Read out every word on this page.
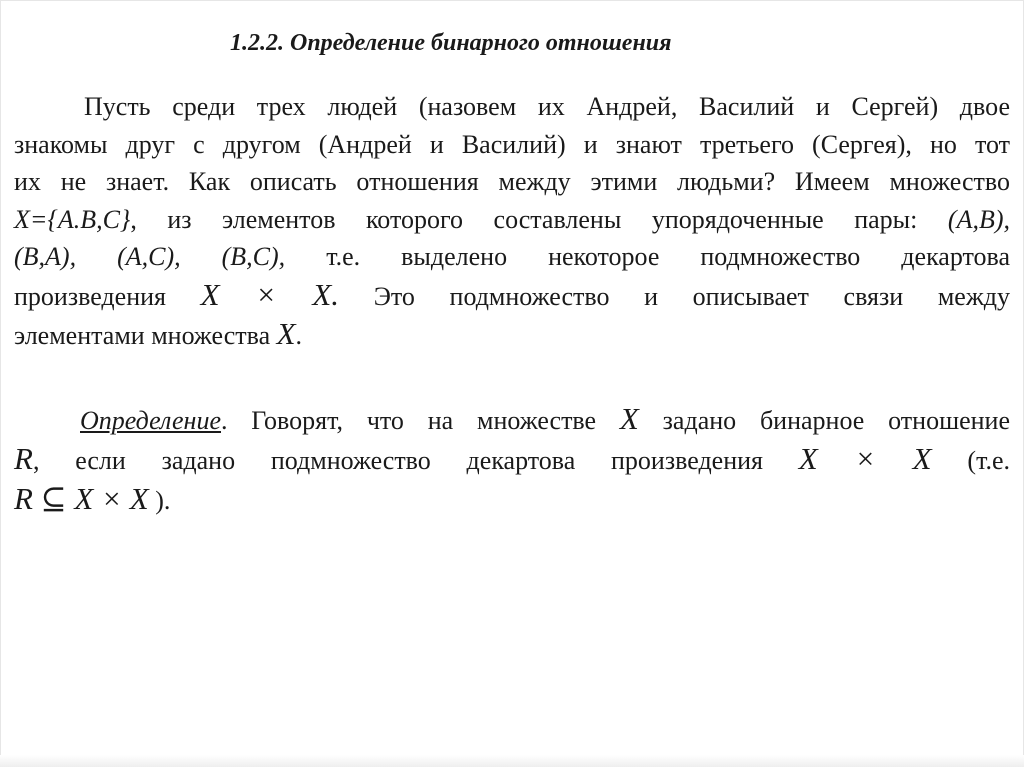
1.2.2. Определение бинарного отношения
Пусть среди трех людей (назовем их Андрей, Василий и Сергей) двое
знакомы друг с другом (Андрей и Василий) и знают третьего (Сергея), но тот
их не знает. Как описать отношения между этими людьми? Имеем множество
X={A.B,C}, из элементов которого составлены упорядоченные пары: (A,B),
(B,A), (A,C), (B,C), т.е. выделено некоторое подмножество декартова
произведения X × X. Это подмножество и описывает связи между
элементами множества X.
Определение. Говорят, что на множестве X задано бинарное отношение
R, если задано подмножество декартова произведения X × X (т.е.
R ⊆ X × X ).
